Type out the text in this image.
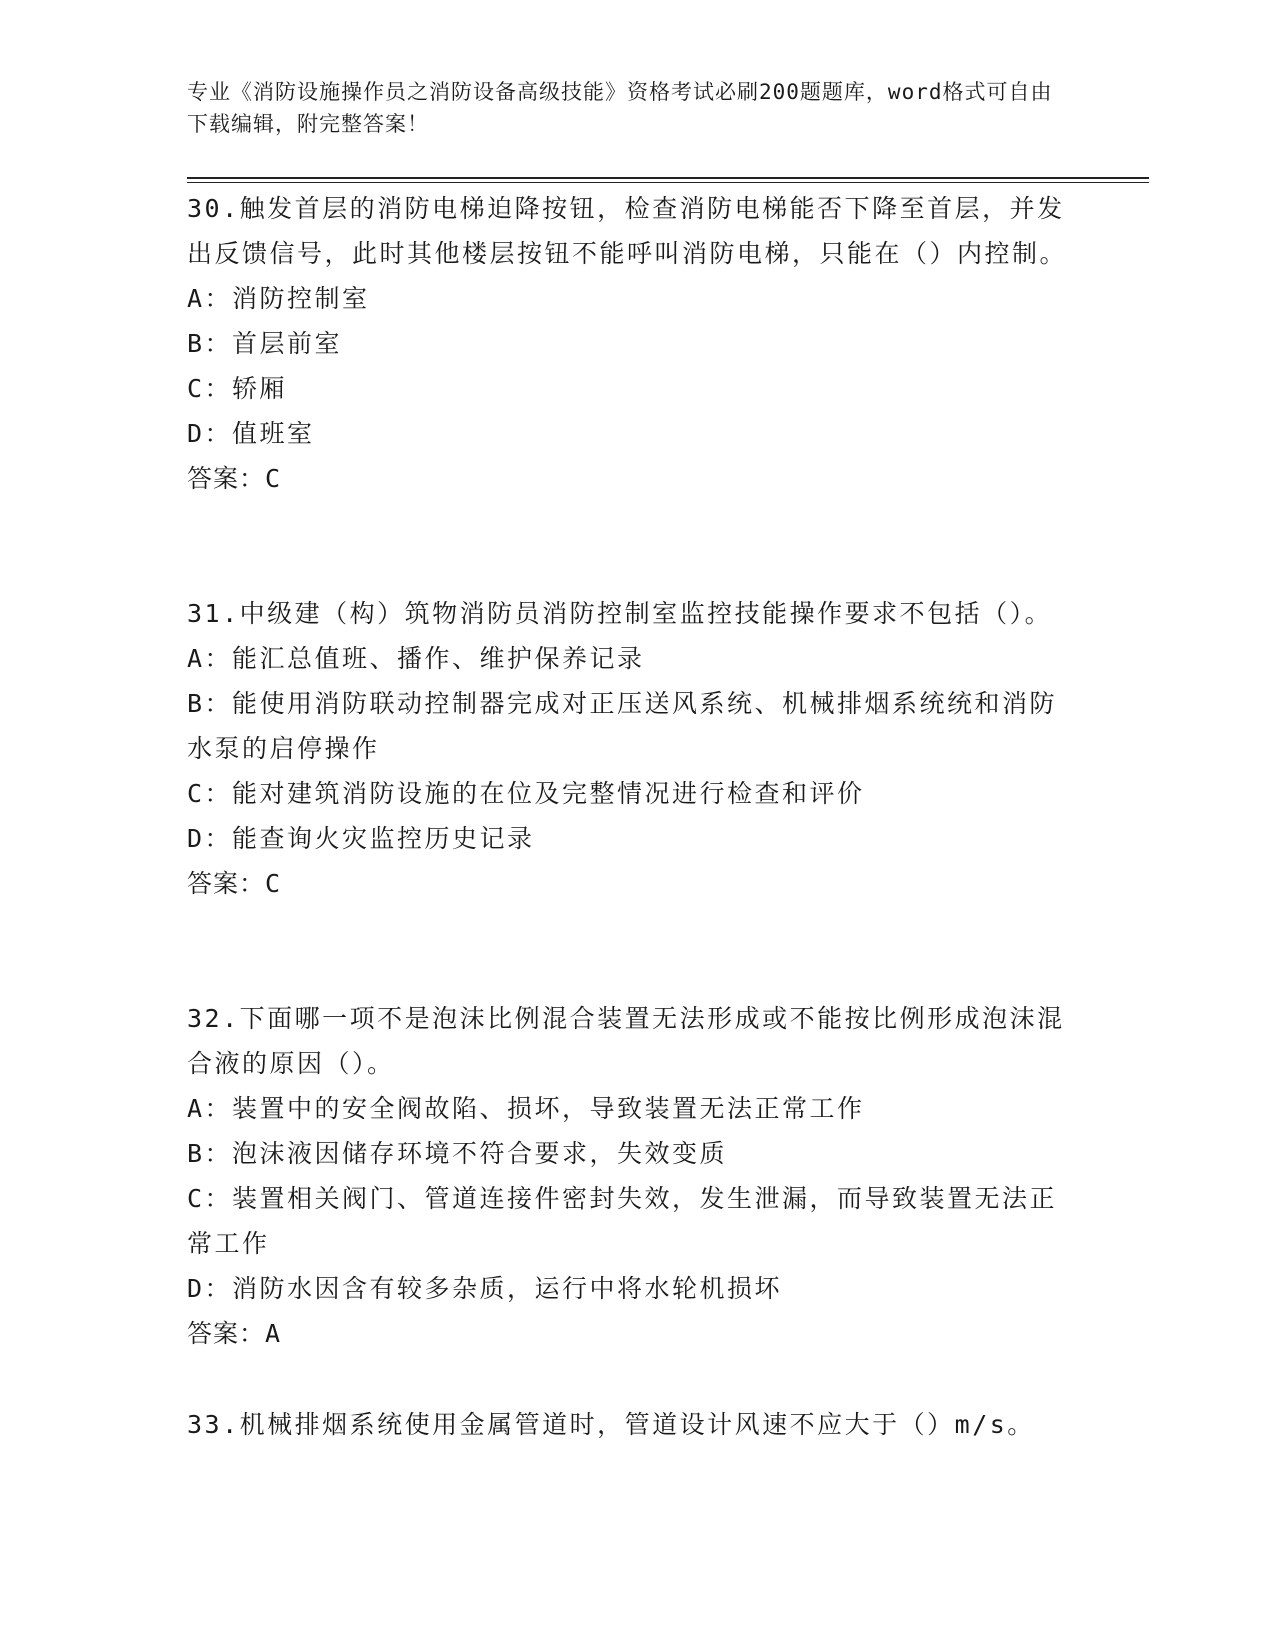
专业《消防设施操作员之消防设备高级技能》资格考试必刷200题题库，word格式可自由下载编辑，附完整答案！
30.触发首层的消防电梯迫降按钮，检查消防电梯能否下降至首层，并发出反馈信号，此时其他楼层按钮不能呼叫消防电梯，只能在（）内控制。
A：消防控制室
B：首层前室
C：轿厢
D：值班室
答案：C
31.中级建（构）筑物消防员消防控制室监控技能操作要求不包括（）。
A：能汇总值班、播作、维护保养记录
B：能使用消防联动控制器完成对正压送风系统、机械排烟系统统和消防水泵的启停操作
C：能对建筑消防设施的在位及完整情况进行检查和评价
D：能查询火灾监控历史记录
答案：C
32.下面哪一项不是泡沫比例混合装置无法形成或不能按比例形成泡沫混合液的原因（）。
A：装置中的安全阀故陷、损坏，导致装置无法正常工作
B：泡沫液因储存环境不符合要求，失效变质
C：装置相关阀门、管道连接件密封失效，发生泄漏，而导致装置无法正常工作
D：消防水因含有较多杂质，运行中将水轮机损坏
答案：A
33.机械排烟系统使用金属管道时，管道设计风速不应大于（）m/s。
